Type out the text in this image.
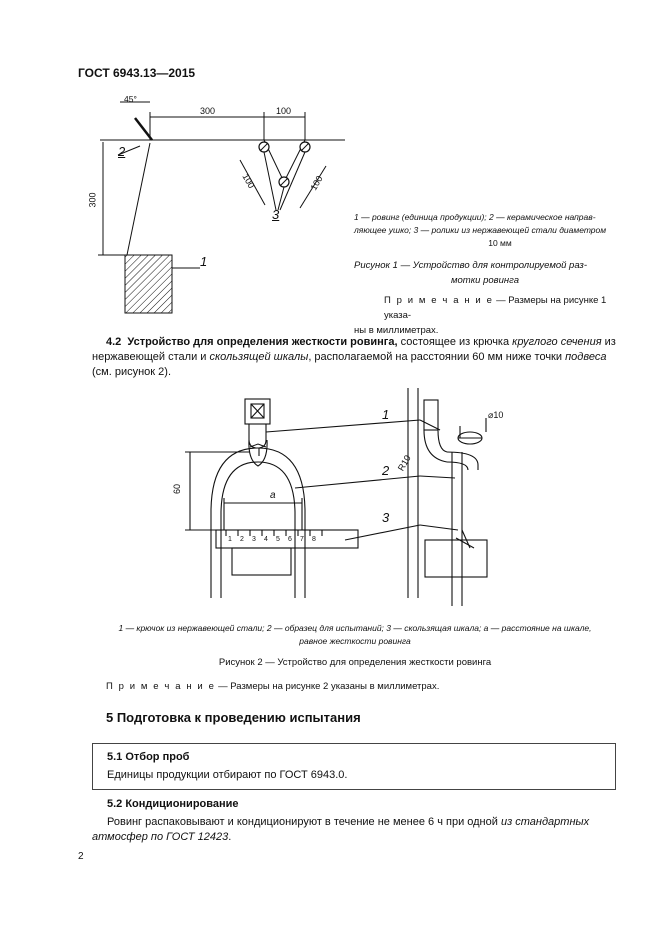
ГОСТ 6943.13—2015
45°
300	100
300
100	100
2
3
1
1 — ровинг (единица продукции); 2 — керамическое направ-
ляющее ушко; 3 — ролики из нержавеющей стали диаметром
10 мм
Рисунок 1 — Устройство для контролируемой раз-
мотки ровинга
П р и м е ч а н и е — Размеры на рисунке 1 указа-
ны в миллиметрах.
4.2 Устройство для определения жесткости ровинга, состоящее из крючка круглого сечения из
нержавеющей стали и скользящей шкалы, располагаемой на расстоянии 60 мм ниже точки подвеса
(см. рисунок 2).
1 2 3 4 5 6 7 8
60
a
R10
⌀10
1
2
3
1 — крючок из нержавеющей стали; 2 — образец для испытаний; 3 — скользящая шкала; a — расстояние на шкале,
равное жесткости ровинга
Рисунок 2 — Устройство для определения жесткости ровинга
П р и м е ч а н и е — Размеры на рисунке 2 указаны в миллиметрах.
5 Подготовка к проведению испытания
5.1 Отбор проб
Единицы продукции отбирают по ГОСТ 6943.0.
5.2 Кондиционирование
Ровинг распаковывают и кондиционируют в течение не менее 6 ч при одной из стандартных
атмосфер по ГОСТ 12423.
2
